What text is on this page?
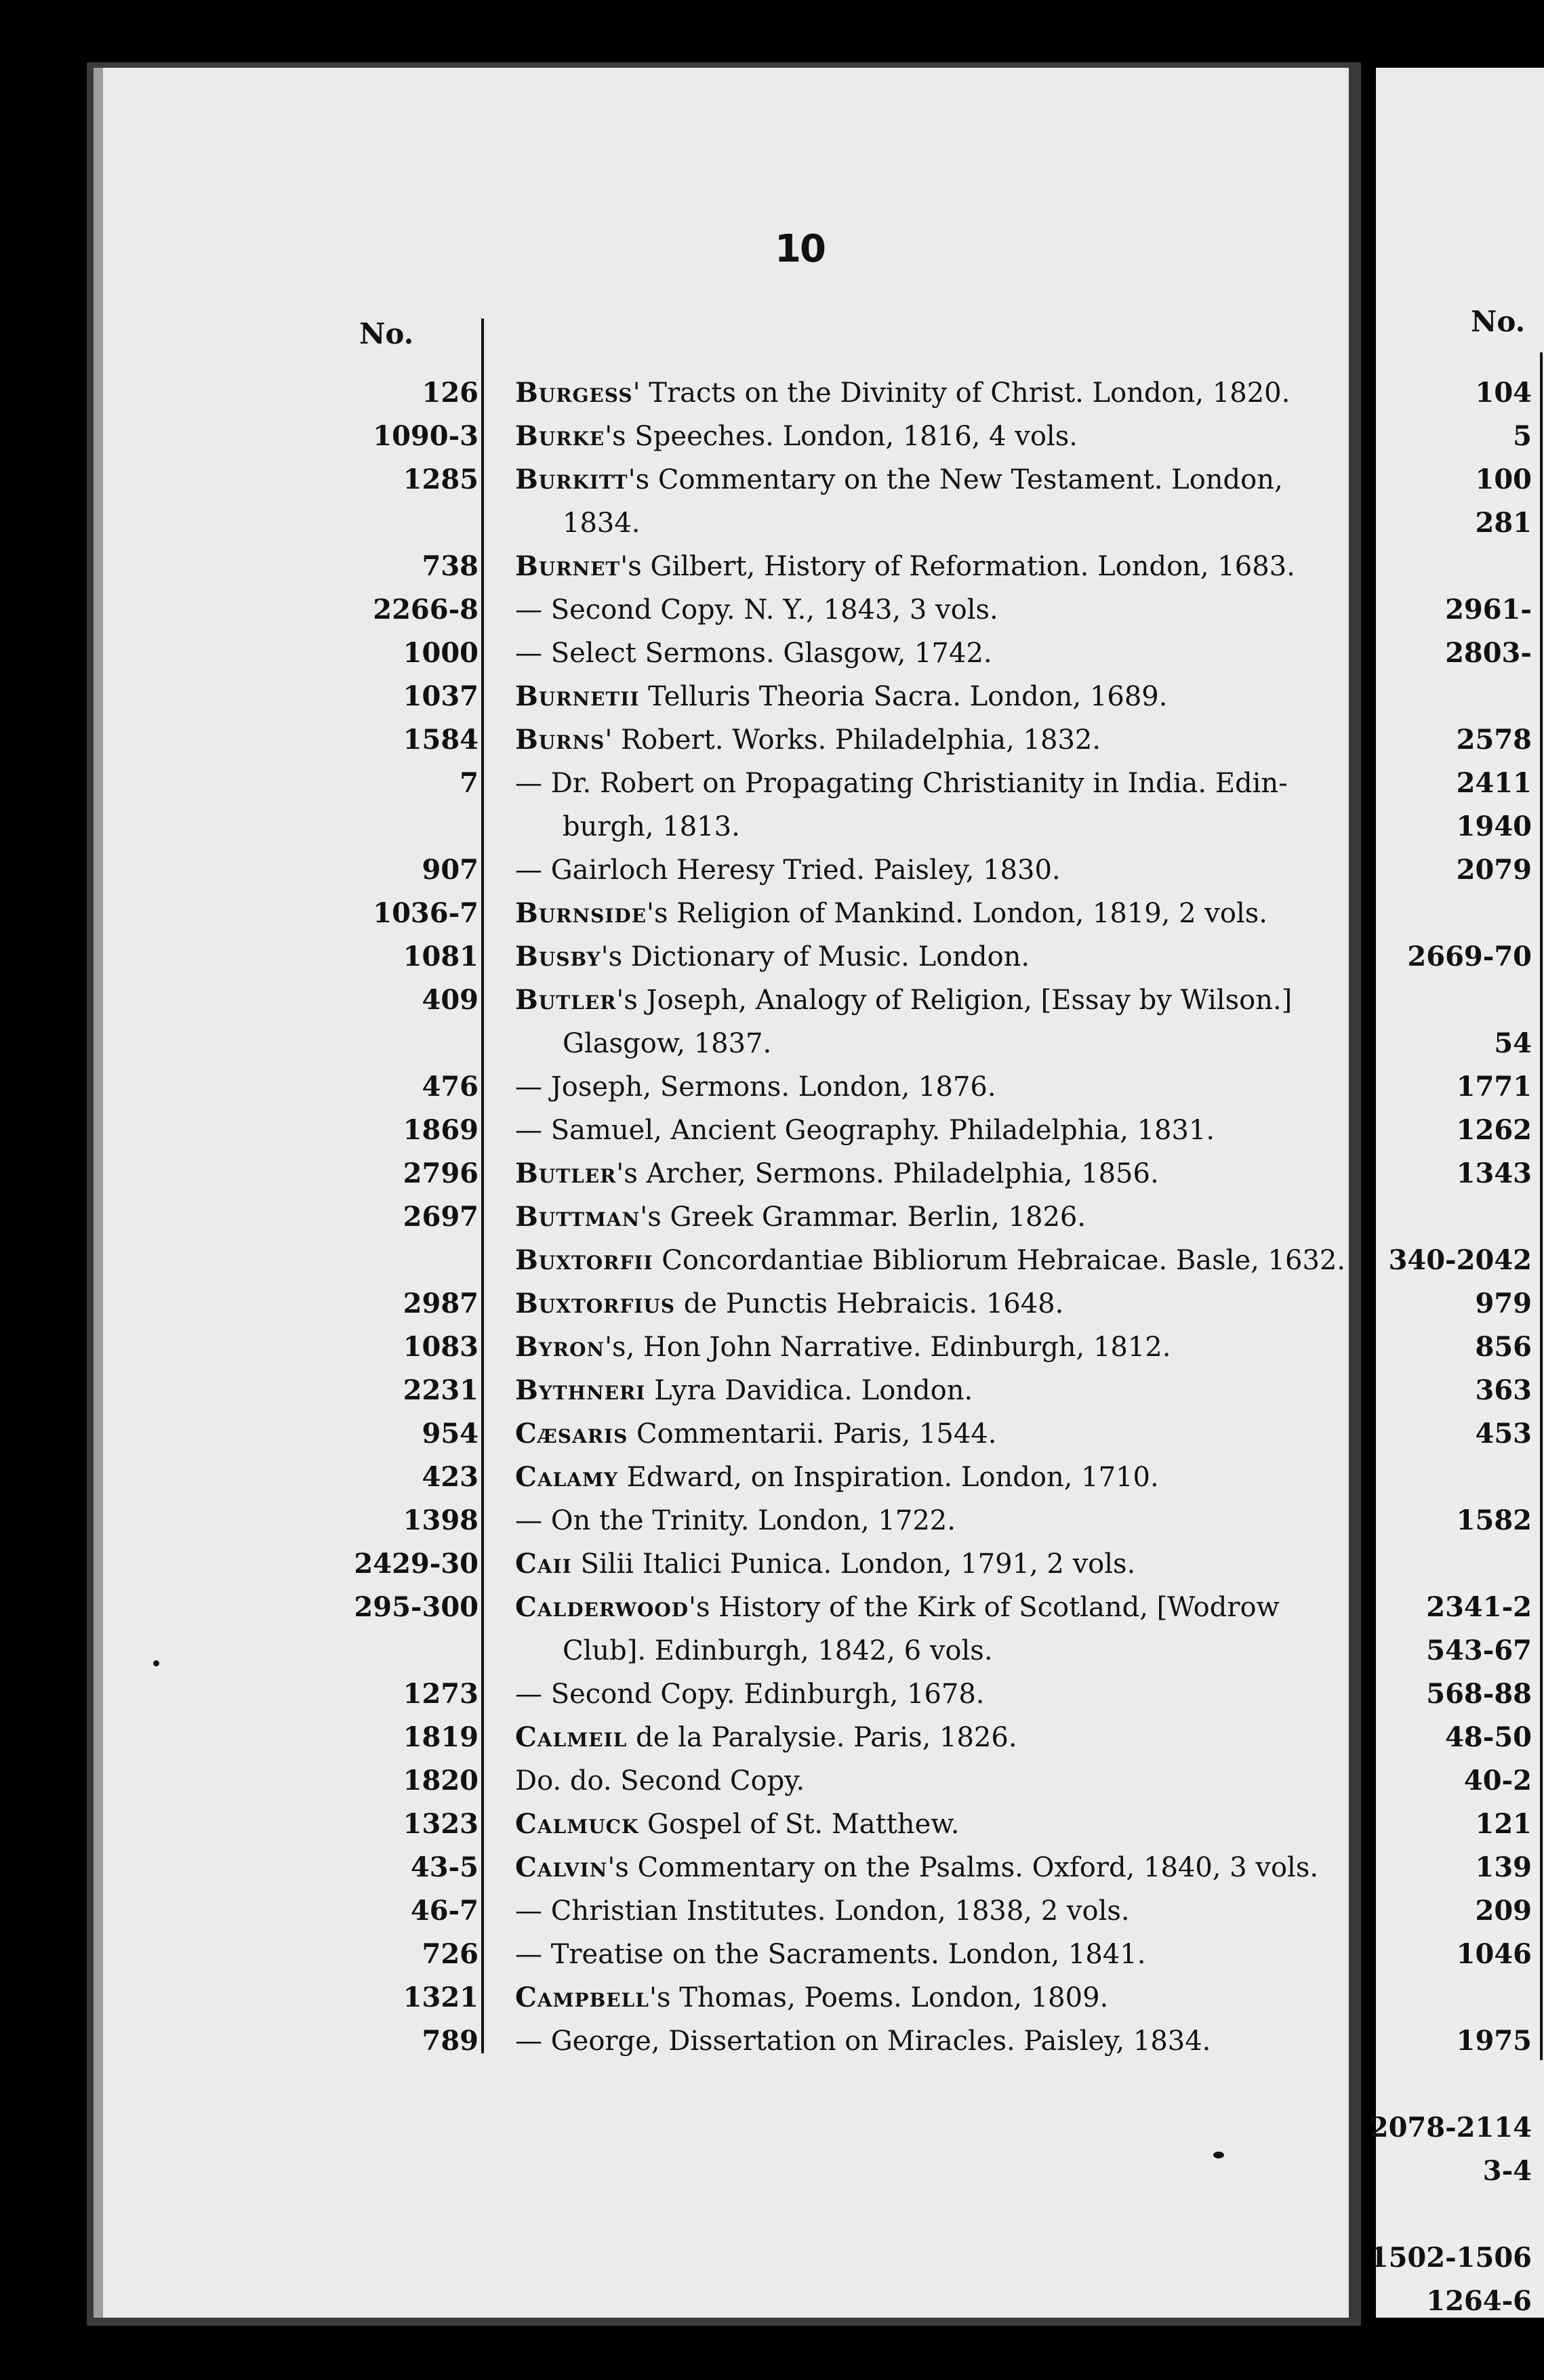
10
No.	No.
126 Burgess' Tracts on the Divinity of Christ. London, 1820.
1090-3 Burke's Speeches. London, 1816, 4 vols.
1285 Burkitt's Commentary on the New Testament. London,
1834.
738 Burnet's Gilbert, History of Reformation. London, 1683.
2266-8 — Second Copy. N. Y., 1843, 3 vols.
1000 — Select Sermons. Glasgow, 1742.
1037 Burnetii Telluris Theoria Sacra. London, 1689.
1584 Burns' Robert. Works. Philadelphia, 1832.
7 — Dr. Robert on Propagating Christianity in India. Edin-
burgh, 1813.
907 — Gairloch Heresy Tried. Paisley, 1830.
1036-7 Burnside's Religion of Mankind. London, 1819, 2 vols.
1081 Busby's Dictionary of Music. London.
409 Butler's Joseph, Analogy of Religion, [Essay by Wilson.]
Glasgow, 1837.
476 — Joseph, Sermons. London, 1876.
1869 — Samuel, Ancient Geography. Philadelphia, 1831.
2796 Butler's Archer, Sermons. Philadelphia, 1856.
2697 Buttman's Greek Grammar. Berlin, 1826.
Buxtorfii Concordantiae Bibliorum Hebraicae. Basle, 1632.
2987 Buxtorfius de Punctis Hebraicis. 1648.
1083 Byron's, Hon John Narrative. Edinburgh, 1812.
2231 Bythneri Lyra Davidica. London.
954 Cæsaris Commentarii. Paris, 1544.
423 Calamy Edward, on Inspiration. London, 1710.
1398 — On the Trinity. London, 1722.
2429-30 Caii Silii Italici Punica. London, 1791, 2 vols.
295-300 Calderwood's History of the Kirk of Scotland, [Wodrow
Club]. Edinburgh, 1842, 6 vols.
1273 — Second Copy. Edinburgh, 1678.
1819 Calmeil de la Paralysie. Paris, 1826.
1820 Do. do. Second Copy.
1323 Calmuck Gospel of St. Matthew.
43-5 Calvin's Commentary on the Psalms. Oxford, 1840, 3 vols.
46-7 — Christian Institutes. London, 1838, 2 vols.
726 — Treatise on the Sacraments. London, 1841.
1321 Campbell's Thomas, Poems. London, 1809.
789 — George, Dissertation on Miracles. Paisley, 1834.
104
5
100
281
2961-
2803-
2578
2411
1940
2079
2669-70
54
1771
1262
1343
340-2042
979
856
363
453
1582
2341-2
543-67
568-88
48-50
40-2
121
139
209
1046
1975
2078-2114
3-4
1502-1506
1264-6
